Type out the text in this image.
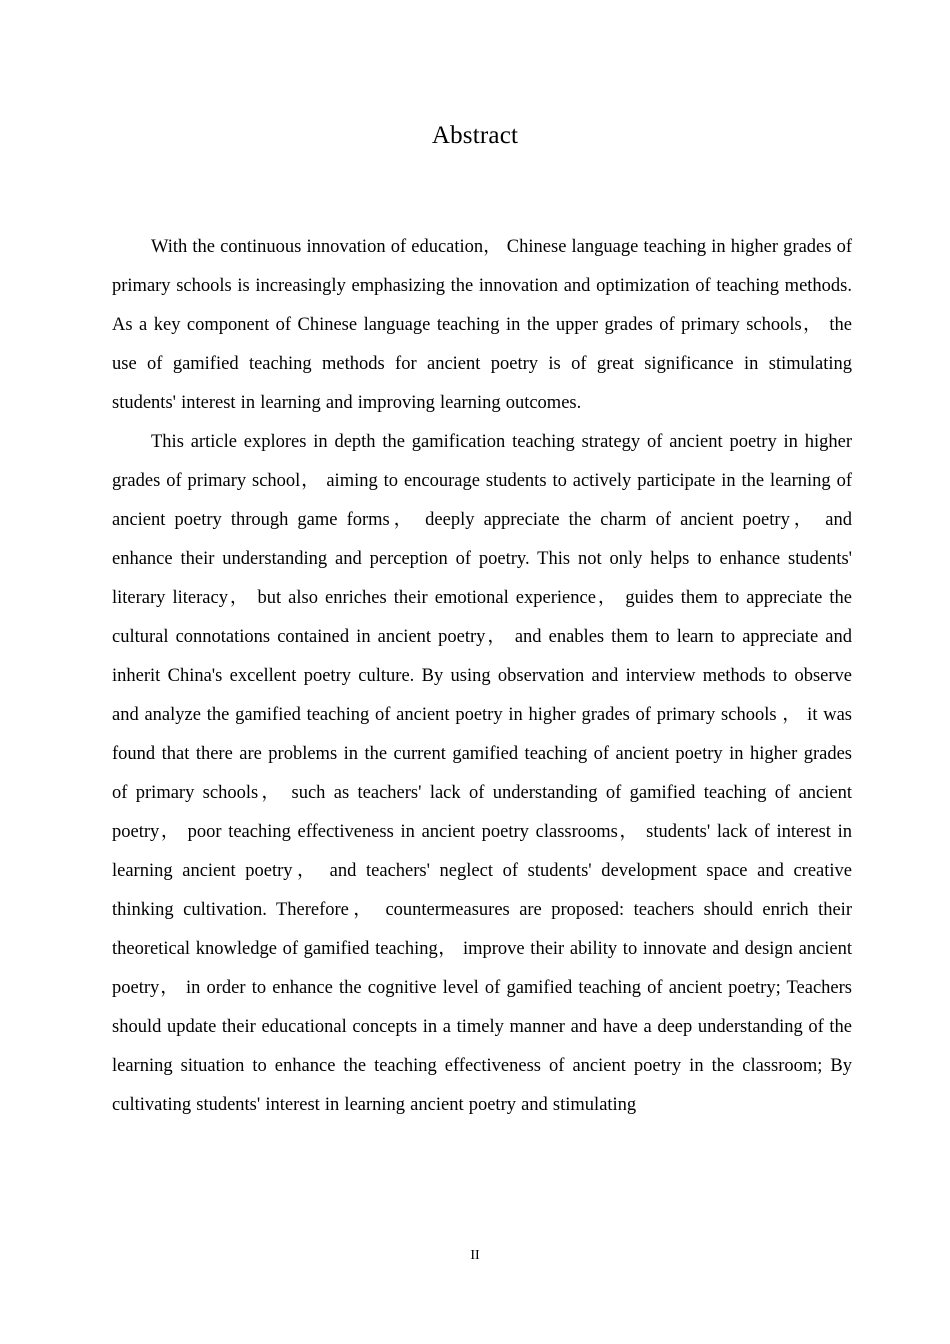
Abstract

With the continuous innovation of education， Chinese language teaching in higher grades of primary schools is increasingly emphasizing the innovation and optimization of teaching methods. As a key component of Chinese language teaching in the upper grades of primary schools， the use of gamified teaching methods for ancient poetry is of great significance in stimulating students' interest in learning and improving learning outcomes.

This article explores in depth the gamification teaching strategy of ancient poetry in higher grades of primary school， aiming to encourage students to actively participate in the learning of ancient poetry through game forms， deeply appreciate the charm of ancient poetry， and enhance their understanding and perception of poetry. This not only helps to enhance students' literary literacy， but also enriches their emotional experience， guides them to appreciate the cultural connotations contained in ancient poetry， and enables them to learn to appreciate and inherit China's excellent poetry culture. By using observation and interview methods to observe and analyze the gamified teaching of ancient poetry in higher grades of primary schools ， it was found that there are problems in the current gamified teaching of ancient poetry in higher grades of primary schools， such as teachers' lack of understanding of gamified teaching of ancient poetry， poor teaching effectiveness in ancient poetry classrooms， students' lack of interest in learning ancient poetry， and teachers' neglect of students' development space and creative thinking cultivation. Therefore， countermeasures are proposed: teachers should enrich their theoretical knowledge of gamified teaching， improve their ability to innovate and design ancient poetry， in order to enhance the cognitive level of gamified teaching of ancient poetry; Teachers should update their educational concepts in a timely manner and have a deep understanding of the learning situation to enhance the teaching effectiveness of ancient poetry in the classroom; By cultivating students' interest in learning ancient poetry and stimulating

II
